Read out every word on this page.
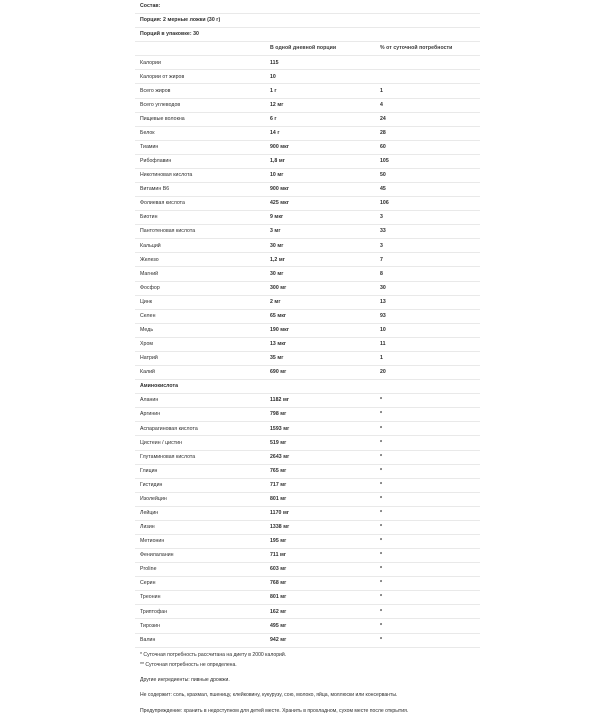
Состав:		
Порция: 2 мерные ложки (30 г)		
Порций в упаковке: 30		
	В одной дневной порции	% от суточной потребности
Калории	115	
Калории от жиров	10	
Всего жиров	1 г	1
Всего углеводов	12 мг	4
Пищевые волокна	6 г	24
Белок	14 г	28
Тиамин	900 мкг	60
Рибофлавин	1,8 мг	105
Никотиновая кислота	10 мг	50
Витамин B6	900 мкг	45
Фолиевая кислота	425 мкг	106
Биотин	9 мкг	3
Пантотеновая кислота	3 мг	33
Кальций	30 мг	3
Железо	1,2 мг	7
Магний	30 мг	8
Фосфор	300 мг	30
Цинк	2 мг	13
Селен	65 мкг	93
Медь	190 мкг	10
Хром	13 мкг	11
Натрий	35 мг	1
Калий	690 мг	20
Аминокислота		
Аланин	1182 мг	*
Аргинин	798 мг	*
Аспарагиновая кислота	1593 мг	*
Цистеин / цистин	519 мг	*
Глутаминовая кислота	2643 мг	*
Глицин	765 мг	*
Гистидин	717 мг	*
Изолейцин	801 мг	*
Лейцин	1170 мг	*
Лизин	1338 мг	*
Метионин	195 мг	*
Фенилаланин	711 мг	*
Proline	603 мг	*
Серин	768 мг	*
Треонин	801 мг	*
Триптофан	162 мг	*
Тирозин	495 мг	*
Валин	942 мг	*

* Суточная потребность рассчитана на диету в 2000 калорий.

** Суточная потребность не определена.

Другие ингредиенты: пивные дрожжи.

Не содержит: соль, крахмал, пшеницу, клейковину, кукурузу, сою, молоко, яйца, моллюски или консерванты.

Предупреждение: хранить в недоступном для детей месте. Хранить в прохладном, сухом месте после открытия.
